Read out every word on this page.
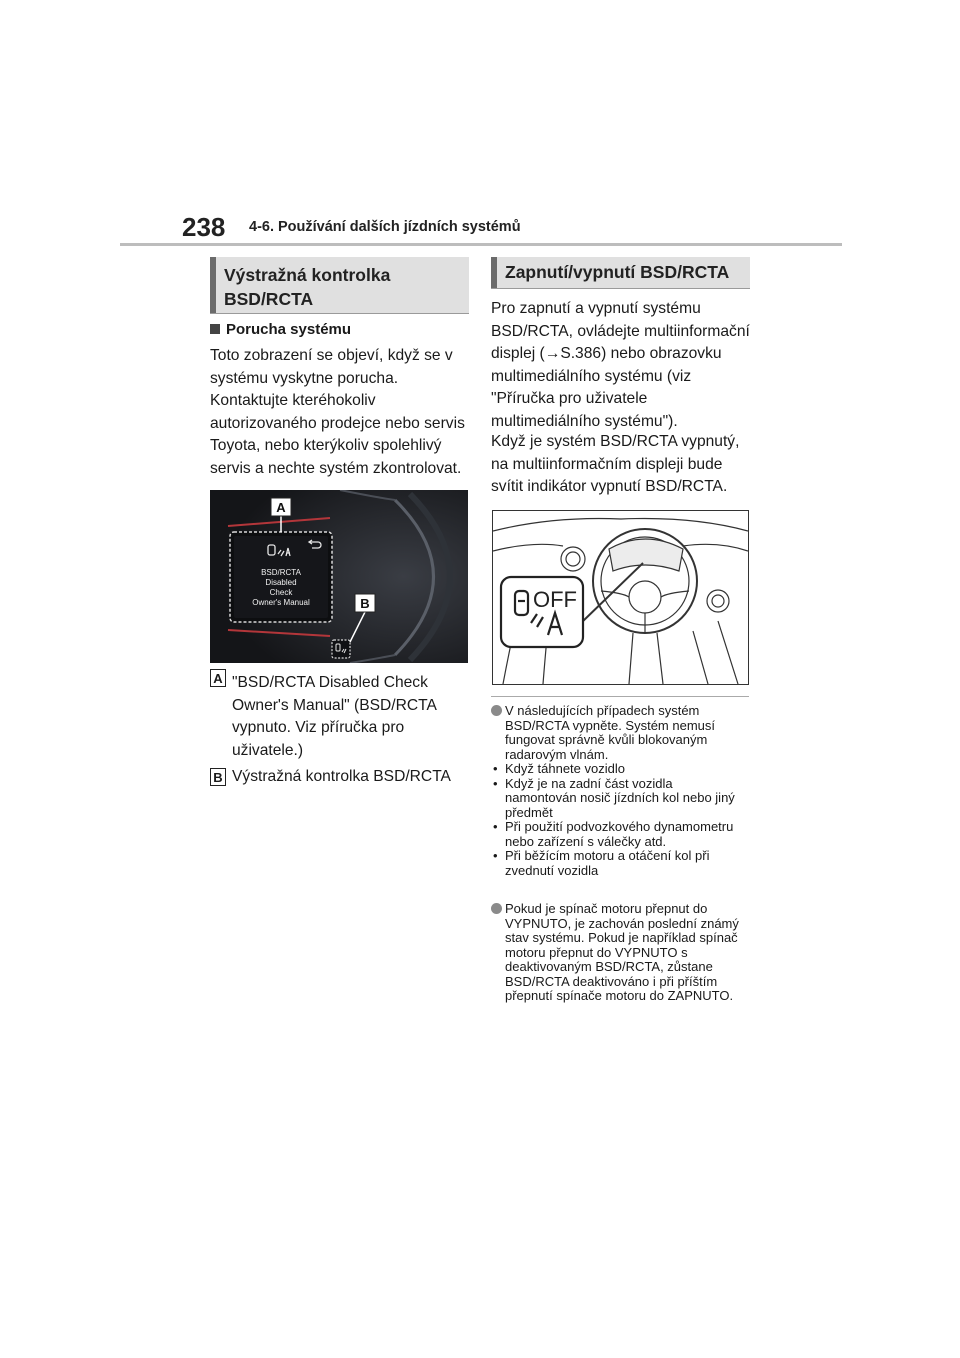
238 4-6. Používání dalších jízdních systémů
Výstražná kontrolka
BSD/RCTA
Porucha systému
Toto zobrazení se objeví, když se v systému vyskytne porucha. Kontaktujte kteréhokoliv autorizovaného prodejce nebo servis Toyota, nebo kterýkoliv spolehlivý servis a nechte systém zkontrolovat.
BSD/RCTA
Disabled
Check
Owner's Manual
A
B
A "BSD/RCTA Disabled Check Owner's Manual" (BSD/RCTA vypnuto. Viz příručka pro uživatele.)
B Výstražná kontrolka BSD/RCTA
Zapnutí/vypnutí BSD/RCTA
Pro zapnutí a vypnutí systému BSD/RCTA, ovládejte multiinformační displej (→S.386) nebo obrazovku multimediálního systému (viz "Příručka pro uživatele multimediálního systému").
Když je systém BSD/RCTA vypnutý, na multiinformačním displeji bude svítit indikátor vypnutí BSD/RCTA.
OFF
V následujících případech systém BSD/RCTA vypněte. Systém nemusí fungovat správně kvůli blokovaným radarovým vlnám.
• Když táhnete vozidlo
• Když je na zadní část vozidla namontován nosič jízdních kol nebo jiný předmět
• Při použití podvozkového dynamometru nebo zařízení s válečky atd.
• Při běžícím motoru a otáčení kol při zvednutí vozidla
Pokud je spínač motoru přepnut do VYPNUTO, je zachován poslední známý stav systému. Pokud je například spínač motoru přepnut do VYPNUTO s deaktivovaným BSD/RCTA, zůstane BSD/RCTA deaktivováno i při příštím přepnutí spínače motoru do ZAPNUTO.
